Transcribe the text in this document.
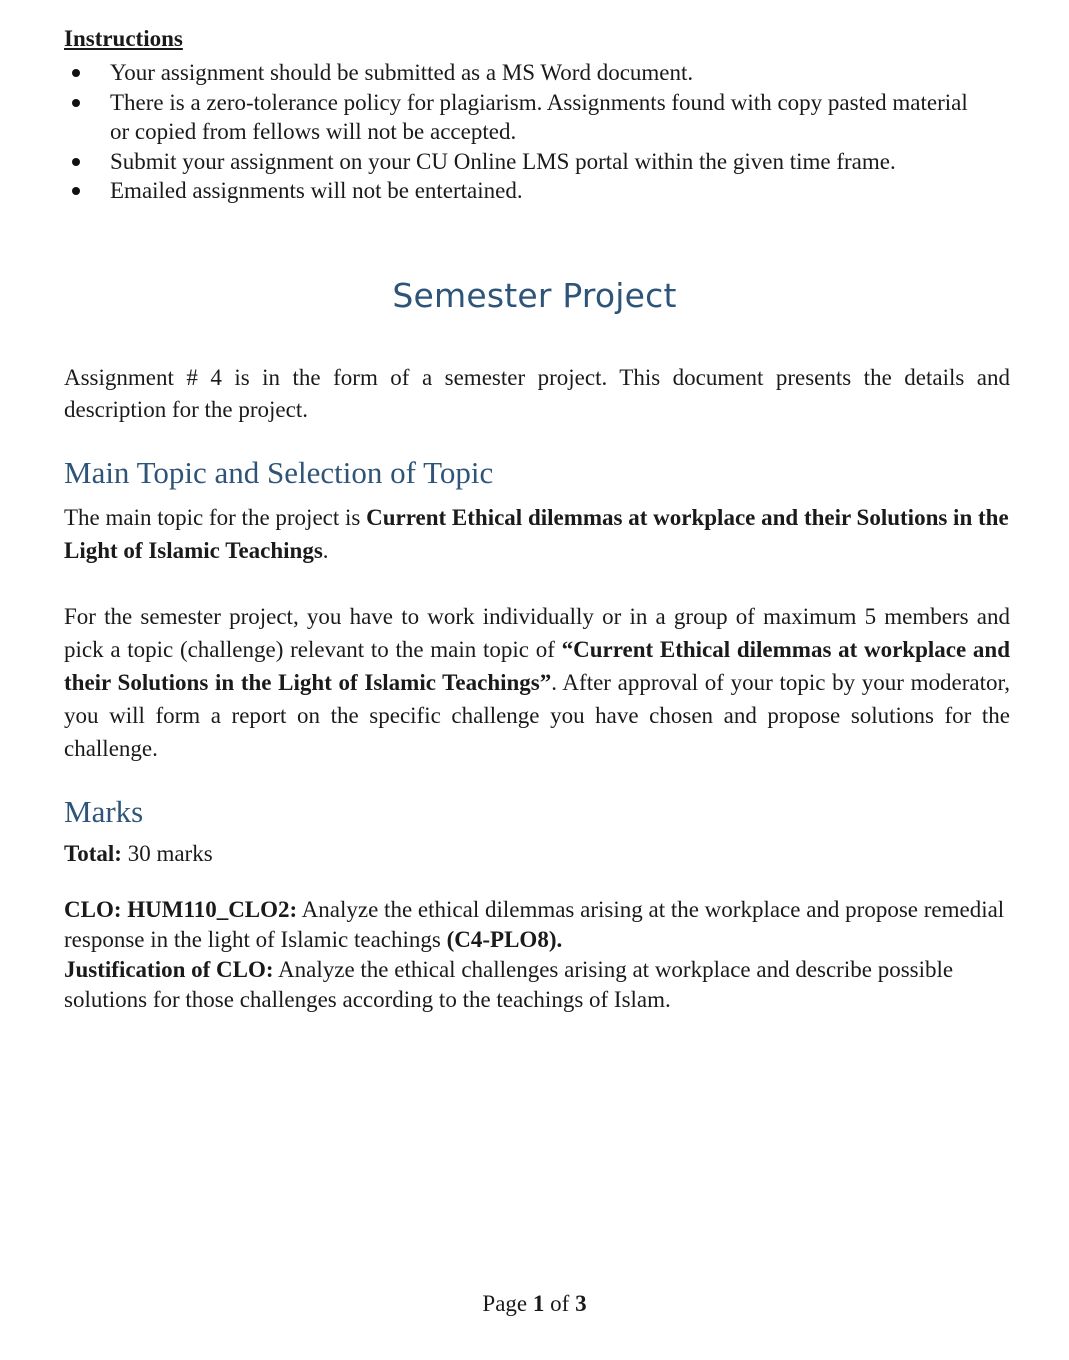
Instructions
Your assignment should be submitted as a MS Word document.
There is a zero-tolerance policy for plagiarism. Assignments found with copy pasted material or copied from fellows will not be accepted.
Submit your assignment on your CU Online LMS portal within the given time frame.
Emailed assignments will not be entertained.
Semester Project

Assignment # 4 is in the form of a semester project. This document presents the details and description for the project.

Main Topic and Selection of Topic

The main topic for the project is Current Ethical dilemmas at workplace and their Solutions in the Light of Islamic Teachings.

For the semester project, you have to work individually or in a group of maximum 5 members and pick a topic (challenge) relevant to the main topic of “Current Ethical dilemmas at workplace and their Solutions in the Light of Islamic Teachings”. After approval of your topic by your moderator, you will form a report on the specific challenge you have chosen and propose solutions for the challenge.

Marks

Total: 30 marks

CLO: HUM110_CLO2: Analyze the ethical dilemmas arising at the workplace and propose remedial response in the light of Islamic teachings (C4-PLO8).
Justification of CLO: Analyze the ethical challenges arising at workplace and describe possible solutions for those challenges according to the teachings of Islam.

Page 1 of 3
